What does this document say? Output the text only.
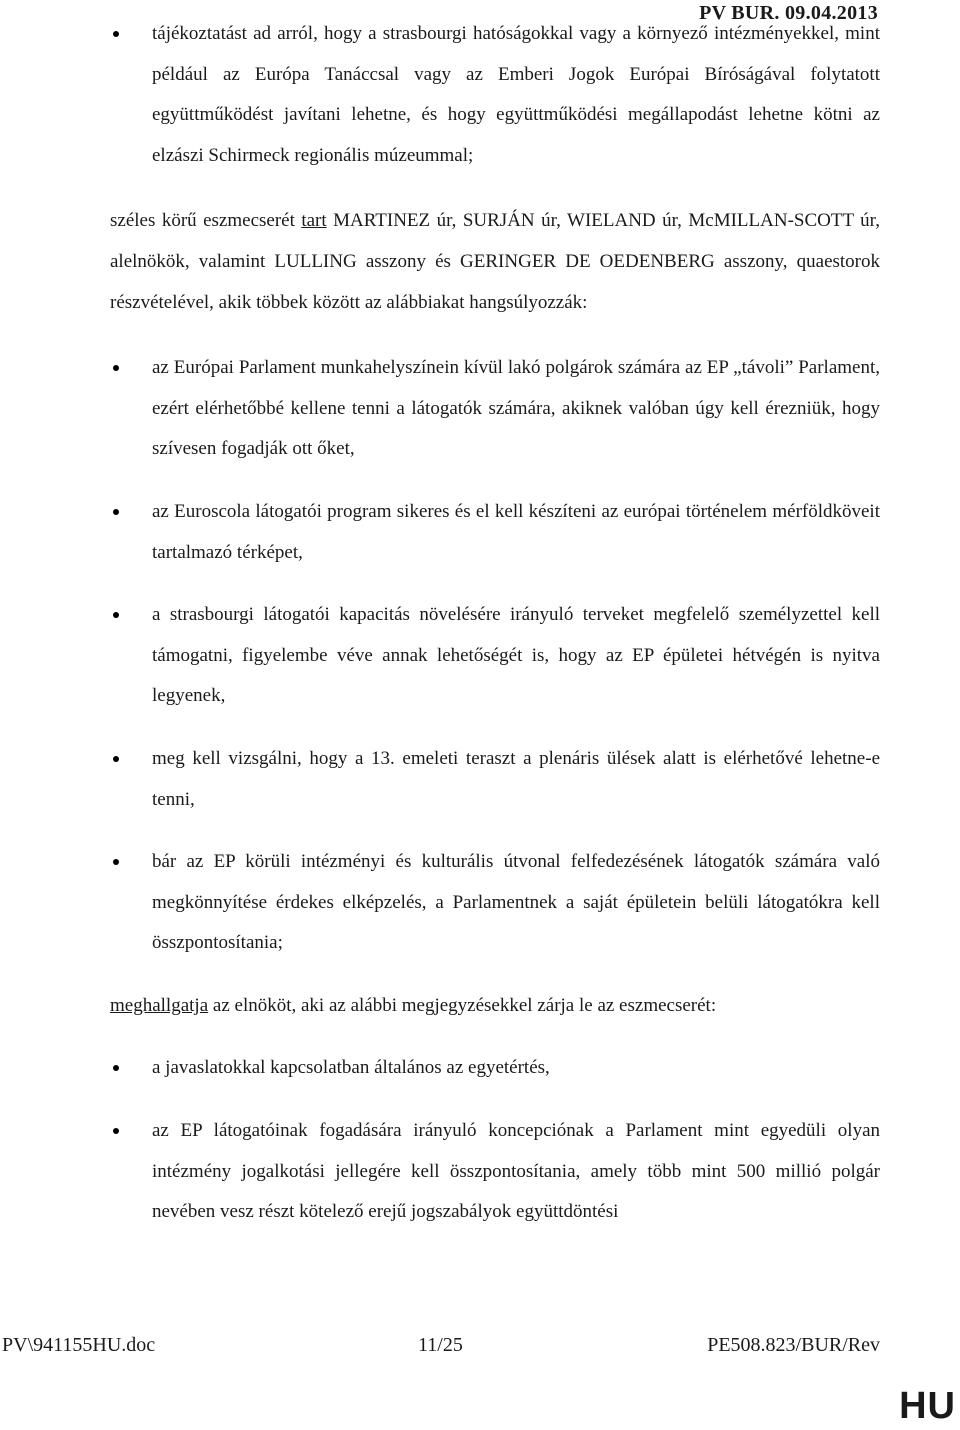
PV BUR. 09.04.2013
tájékoztatást ad arról, hogy a strasbourgi hatóságokkal vagy a környező intézményekkel, mint például az Európa Tanáccsal vagy az Emberi Jogok Európai Bíróságával folytatott együttműködést javítani lehetne, és hogy együttműködési megállapodást lehetne kötni az elzászi Schirmeck regionális múzeummal;
széles körű eszmecserét tart MARTINEZ úr, SURJÁN úr, WIELAND úr, McMILLAN-SCOTT úr, alelnökök, valamint LULLING asszony és GERINGER DE OEDENBERG asszony, quaestorok részvételével, akik többek között az alábbiakat hangsúlyozzák:
az Európai Parlament munkahelyszínein kívül lakó polgárok számára az EP „távoli” Parlament, ezért elérhetőbbé kellene tenni a látogatók számára, akiknek valóban úgy kell érezniük, hogy szívesen fogadják ott őket,
az Euroscola látogatói program sikeres és el kell készíteni az európai történelem mérföldköveit tartalmazó térképet,
a strasbourgi látogatói kapacitás növelésére irányuló terveket megfelelő személyzettel kell támogatni, figyelembe véve annak lehetőségét is, hogy az EP épületei hétvégén is nyitva legyenek,
meg kell vizsgálni, hogy a 13. emeleti teraszt a plenáris ülések alatt is elérhetővé lehetne-e tenni,
bár az EP körüli intézményi és kulturális útvonal felfedezésének látogatók számára való megkönnyítése érdekes elképzelés, a Parlamentnek a saját épületein belüli látogatókra kell összpontosítania;
meghallgatja az elnököt, aki az alábbi megjegyzésekkel zárja le az eszmecserét:
a javaslatokkal kapcsolatban általános az egyetértés,
az EP látogatóinak fogadására irányuló koncepciónak a Parlament mint egyedüli olyan intézmény jogalkotási jellegére kell összpontosítania, amely több mint 500 millió polgár nevében vesz részt kötelező erejű jogszabályok együttdöntési
PV\941155HU.doc	11/25	PE508.823/BUR/Rev
HU
